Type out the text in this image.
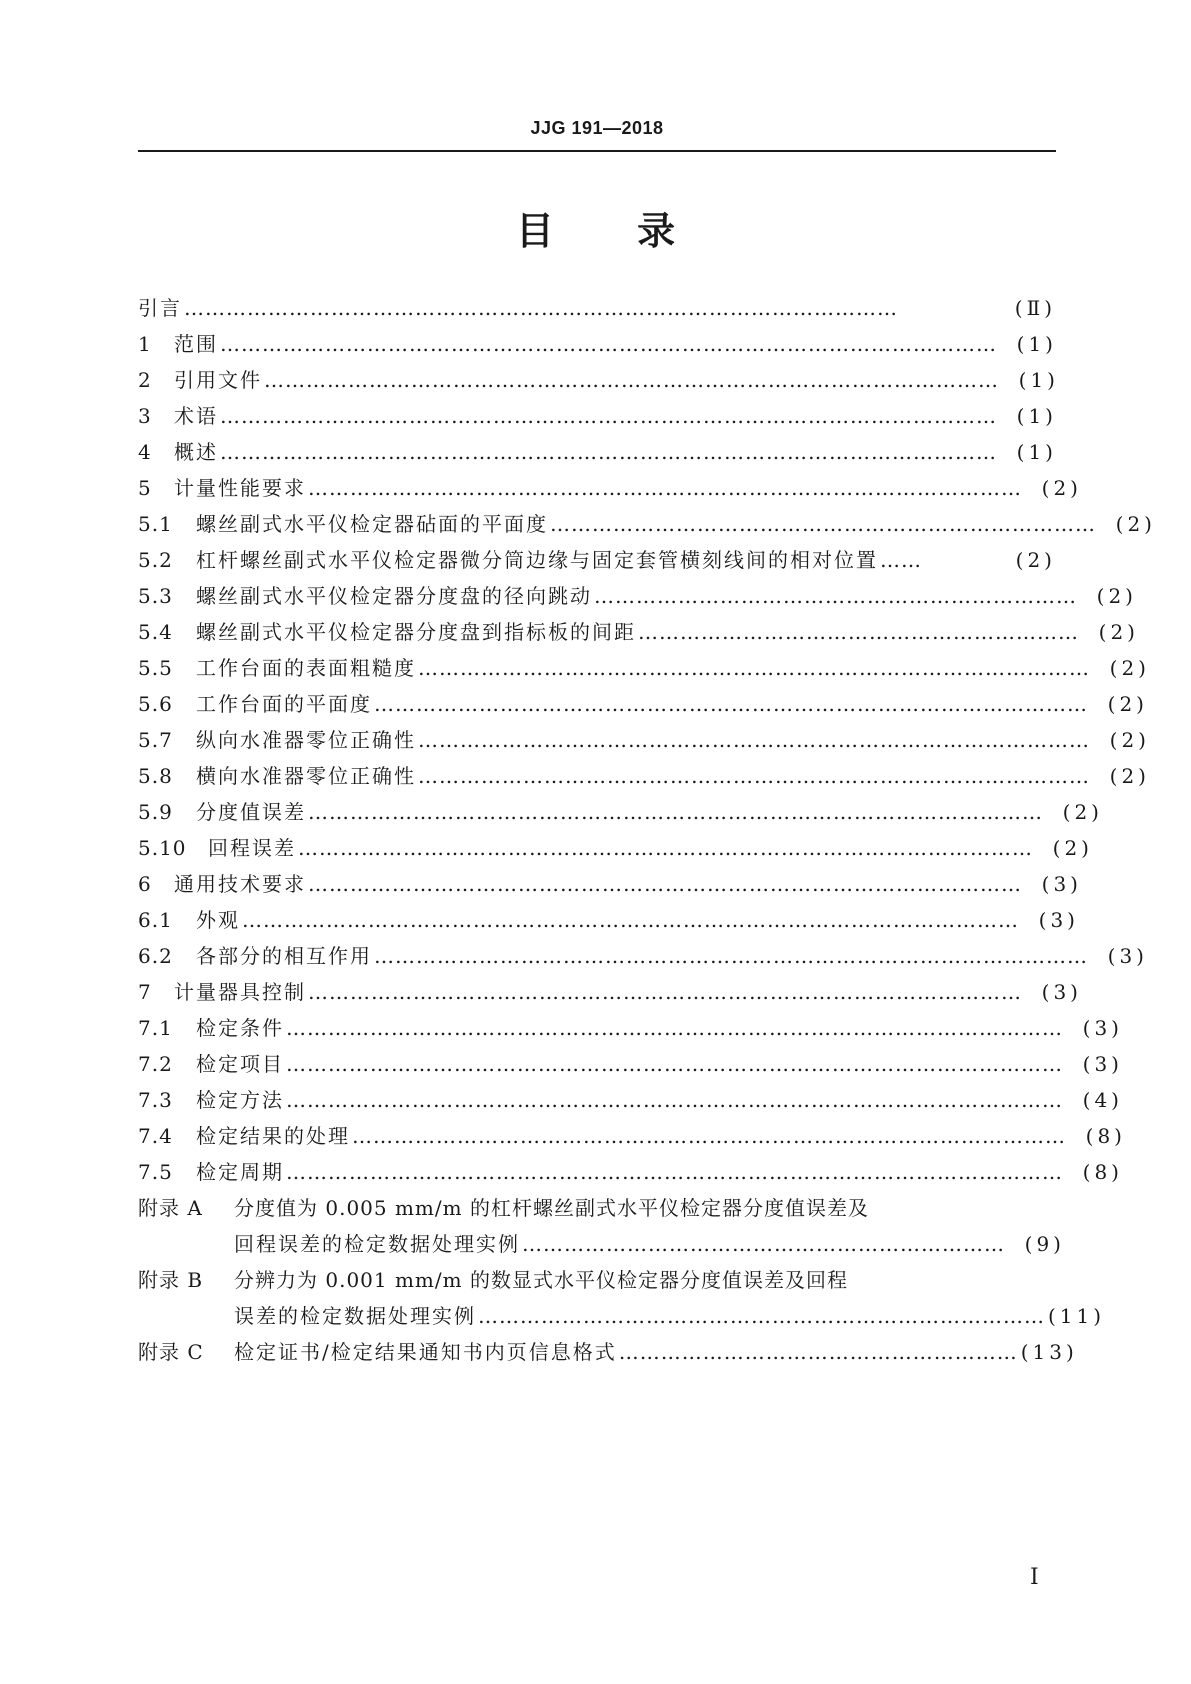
JJG 191—2018
目 录
引言 …………………………………………………………………………………………	(Ⅱ)
1	范围 ………………………………………………………………………………………………… (1)
2	引用文件 …………………………………………………………………………………………… (1)
3	术语 ………………………………………………………………………………………………… (1)
4	概述 ………………………………………………………………………………………………… (1)
5	计量性能要求 ………………………………………………………………………………………… (2)
5.1	螺丝副式水平仪检定器砧面的平面度 …………………………………………………………………… (2)
5.2	杠杆螺丝副式水平仪检定器微分筒边缘与固定套管横刻线间的相对位置 ……	(2)
5.3	螺丝副式水平仪检定器分度盘的径向跳动 …………………………………………………………… (2)
5.4	螺丝副式水平仪检定器分度盘到指标板的间距 ……………………………………………………… (2)
5.5	工作台面的表面粗糙度 …………………………………………………………………………………… (2)
5.6	工作台面的平面度 ………………………………………………………………………………………… (2)
5.7	纵向水准器零位正确性 …………………………………………………………………………………… (2)
5.8	横向水准器零位正确性 …………………………………………………………………………………… (2)
5.9	分度值误差 …………………………………………………………………………………………… (2)
5.10	回程误差 …………………………………………………………………………………………… (2)
6	通用技术要求 ………………………………………………………………………………………… (3)
6.1	外观 ………………………………………………………………………………………………… (3)
6.2	各部分的相互作用 ………………………………………………………………………………………… (3)
7	计量器具控制 ………………………………………………………………………………………… (3)
7.1	检定条件 ………………………………………………………………………………………………… (3)
7.2	检定项目 ………………………………………………………………………………………………… (3)
7.3	检定方法 ………………………………………………………………………………………………… (4)
7.4	检定结果的处理 ………………………………………………………………………………………… (8)
7.5	检定周期 ………………………………………………………………………………………………… (8)
附录 A	分度值为 0.005 mm/m 的杠杆螺丝副式水平仪检定器分度值误差及
回程误差的检定数据处理实例 …………………………………………………………… (9)
附录 B	分辨力为 0.001 mm/m 的数显式水平仪检定器分度值误差及回程
误差的检定数据处理实例 ……………………………………………………………………… (11)
附录 C	检定证书/检定结果通知书内页信息格式 ………………………………………………… (13)
Ⅰ
